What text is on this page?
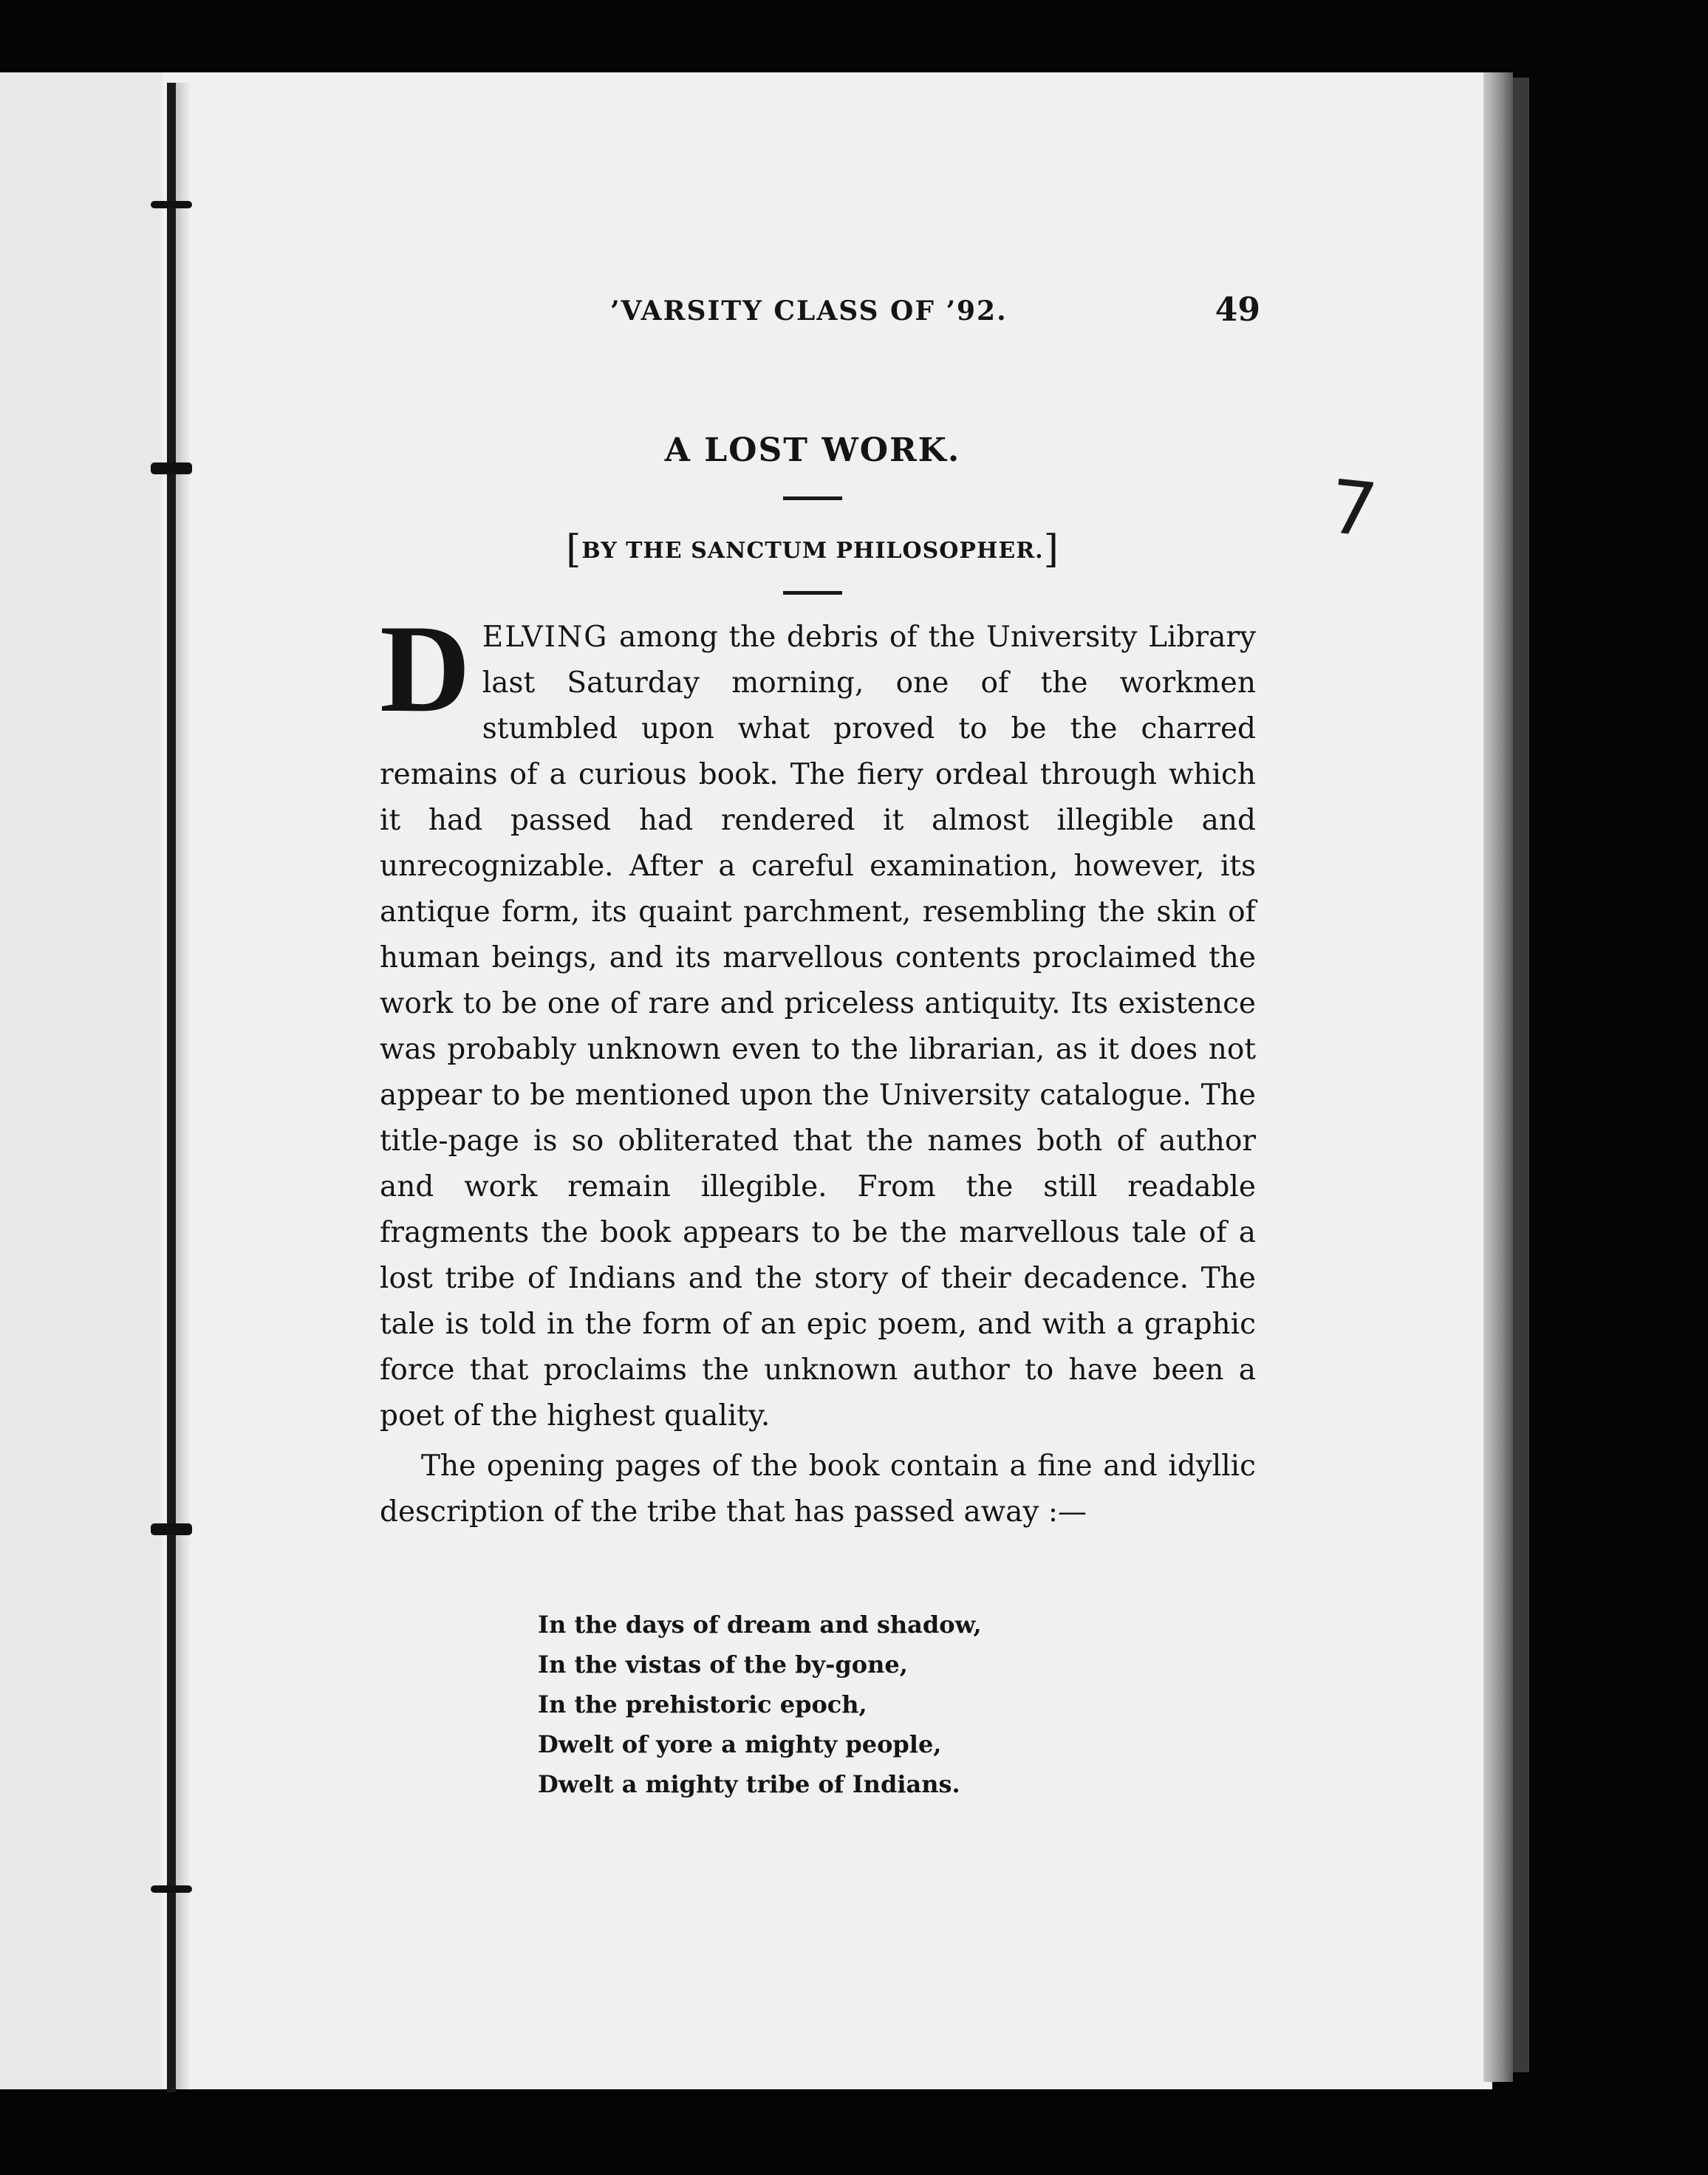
’VARSITY CLASS OF ’92.	49
7
A LOST WORK.
[BY THE SANCTUM PHILOSOPHER.]

DELVING among the debris of the University Library last Saturday morning, one of the workmen stumbled upon what proved to be the charred remains of a curious book. The fiery ordeal through which it had passed had rendered it almost illegible and unrecognizable. After a careful examination, however, its antique form, its quaint parchment, resembling the skin of human beings, and its marvellous contents proclaimed the work to be one of rare and priceless antiquity. Its existence was probably unknown even to the librarian, as it does not appear to be mentioned upon the University catalogue. The title-page is so obliterated that the names both of author and work remain illegible. From the still readable fragments the book appears to be the marvellous tale of a lost tribe of Indians and the story of their decadence. The tale is told in the form of an epic poem, and with a graphic force that proclaims the unknown author to have been a poet of the highest quality.

The opening pages of the book contain a fine and idyllic description of the tribe that has passed away :—

In the days of dream and shadow,
In the vistas of the by-gone,
In the prehistoric epoch,
Dwelt of yore a mighty people,
Dwelt a mighty tribe of Indians.
